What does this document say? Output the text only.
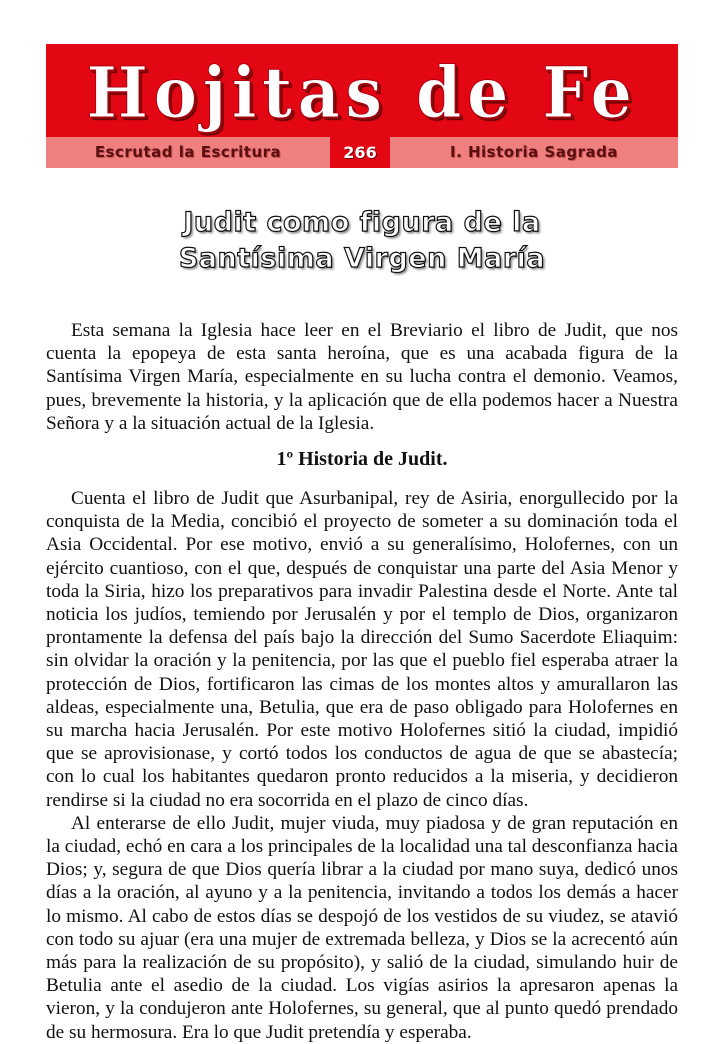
Hojitas de Fe
Escrutad la Escritura	266	I. Historia Sagrada
Judit como figura de la
Santísima Virgen María

Esta semana la Iglesia hace leer en el Breviario el libro de Judit, que nos cuenta la epopeya de esta santa heroína, que es una acabada figura de la Santísima Virgen María, especialmente en su lucha contra el demonio. Veamos, pues, brevemente la historia, y la aplicación que de ella podemos hacer a Nuestra Señora y a la situación actual de la Iglesia.

1º Historia de Judit.

Cuenta el libro de Judit que Asurbanipal, rey de Asiria, enorgullecido por la conquista de la Media, concibió el proyecto de someter a su dominación toda el Asia Occidental. Por ese motivo, envió a su generalísimo, Holofernes, con un ejército cuantioso, con el que, después de conquistar una parte del Asia Menor y toda la Siria, hizo los preparativos para invadir Palestina desde el Norte. Ante tal noticia los judíos, temiendo por Jerusalén y por el templo de Dios, organizaron prontamente la defensa del país bajo la dirección del Sumo Sacerdote Eliaquim: sin olvidar la oración y la penitencia, por las que el pueblo fiel esperaba atraer la protección de Dios, fortificaron las cimas de los montes altos y amurallaron las aldeas, especialmente una, Betulia, que era de paso obligado para Holofernes en su marcha hacia Jerusalén. Por este motivo Holofernes sitió la ciudad, impidió que se aprovisionase, y cortó todos los conductos de agua de que se abastecía; con lo cual los habitantes quedaron pronto reducidos a la miseria, y decidieron rendirse si la ciudad no era socorrida en el plazo de cinco días.

Al enterarse de ello Judit, mujer viuda, muy piadosa y de gran reputación en la ciudad, echó en cara a los principales de la localidad una tal desconfianza hacia Dios; y, segura de que Dios quería librar a la ciudad por mano suya, dedicó unos días a la oración, al ayuno y a la penitencia, invitando a todos los demás a hacer lo mismo. Al cabo de estos días se despojó de los vestidos de su viudez, se atavió con todo su ajuar (era una mujer de extremada belleza, y Dios se la acrecentó aún más para la realización de su propósito), y salió de la ciudad, simulando huir de Betulia ante el asedio de la ciudad. Los vigías asirios la apresaron apenas la vieron, y la condujeron ante Holofernes, su general, que al punto quedó prendado de su hermosura. Era lo que Judit pretendía y esperaba.
